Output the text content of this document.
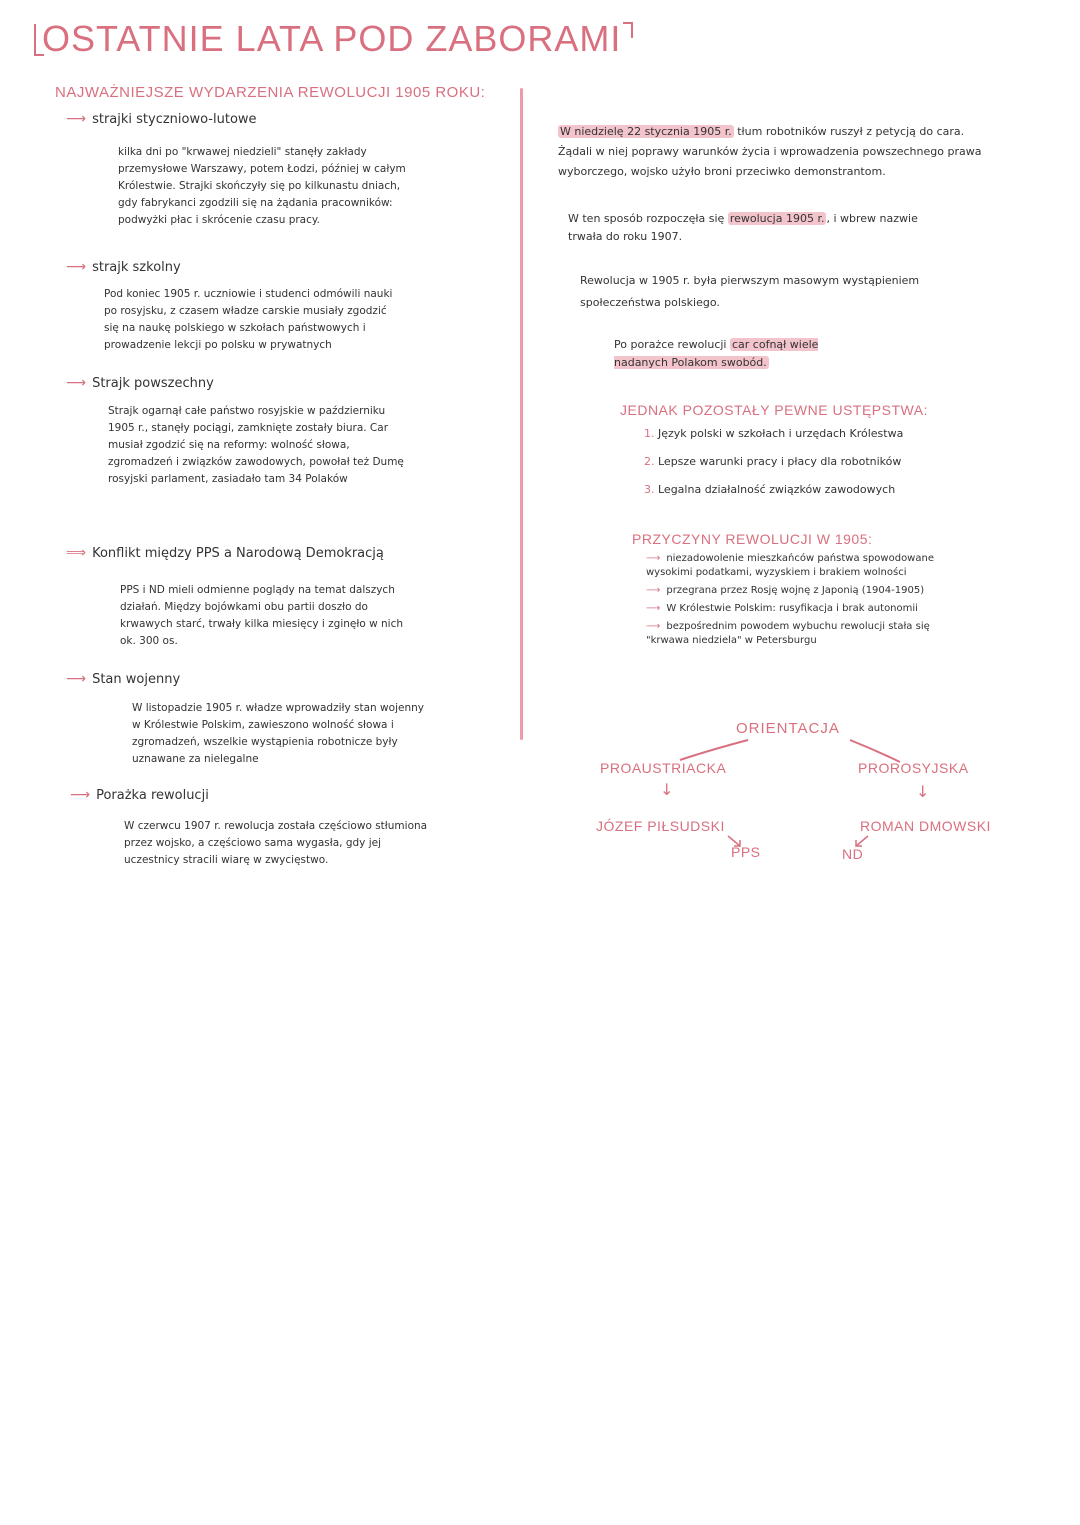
OSTATNIE LATA POD ZABORAMI
NAJWAŻNIEJSZE WYDARZENIA REWOLUCJI 1905 ROKU:
⟶ strajki styczniowo-lutowe
kilka dni po "krwawej niedzieli" stanęły zakłady przemysłowe Warszawy, potem Łodzi, później w całym Królestwie. Strajki skończyły się po kilkunastu dniach, gdy fabrykanci zgodzili się na żądania pracowników: podwyżki płac i skrócenie czasu pracy.
⟶ strajk szkolny
Pod koniec 1905 r. uczniowie i studenci odmówili nauki po rosyjsku, z czasem władze carskie musiały zgodzić się na naukę polskiego w szkołach państwowych i prowadzenie lekcji po polsku w prywatnych
⟶ Strajk powszechny
Strajk ogarnął całe państwo rosyjskie w październiku 1905 r., stanęły pociągi, zamknięte zostały biura. Car musiał zgodzić się na reformy: wolność słowa, zgromadzeń i związków zawodowych, powołał też Dumę rosyjski parlament, zasiadało tam 34 Polaków
⟹ Konflikt między PPS a Narodową Demokracją
PPS i ND mieli odmienne poglądy na temat dalszych działań. Między bojówkami obu partii doszło do krwawych starć, trwały kilka miesięcy i zginęło w nich ok. 300 os.
⟶ Stan wojenny
W listopadzie 1905 r. władze wprowadziły stan wojenny w Królestwie Polskim, zawieszono wolność słowa i zgromadzeń, wszelkie wystąpienia robotnicze były uznawane za nielegalne
⟶ Porażka rewolucji
W czerwcu 1907 r. rewolucja została częściowo stłumiona przez wojsko, a częściowo sama wygasła, gdy jej uczestnicy stracili wiarę w zwycięstwo.
W niedzielę 22 stycznia 1905 r. tłum robotników ruszył z petycją do cara. Żądali w niej poprawy warunków życia i wprowadzenia powszechnego prawa wyborczego, wojsko użyło broni przeciwko demonstrantom.
W ten sposób rozpoczęła się rewolucja 1905 r. , i wbrew nazwie trwała do roku 1907.
Rewolucja w 1905 r. była pierwszym masowym wystąpieniem społeczeństwa polskiego.
Po porażce rewolucji car cofnął wiele nadanych Polakom swobód.
JEDNAK POZOSTAŁY PEWNE USTĘPSTWA:
1. Język polski w szkołach i urzędach Królestwa
2. Lepsze warunki pracy i płacy dla robotników
3. Legalna działalność związków zawodowych
PRZYCZYNY REWOLUCJI W 1905:
⟶ niezadowolenie mieszkańców państwa spowodowane wysokimi podatkami, wyzyskiem i brakiem wolności
⟶ przegrana przez Rosję wojnę z Japonią (1904-1905)
⟶ W Królestwie Polskim: rusyfikacja i brak autonomii
⟶ bezpośrednim powodem wybuchu rewolucji stała się "krwawa niedziela" w Petersburgu
ORIENTACJA
PROAUSTRIACKA	PROROSYJSKA
↓	↓
JÓZEF PIŁSUDSKI	ROMAN DMOWSKI
PPS	ND
